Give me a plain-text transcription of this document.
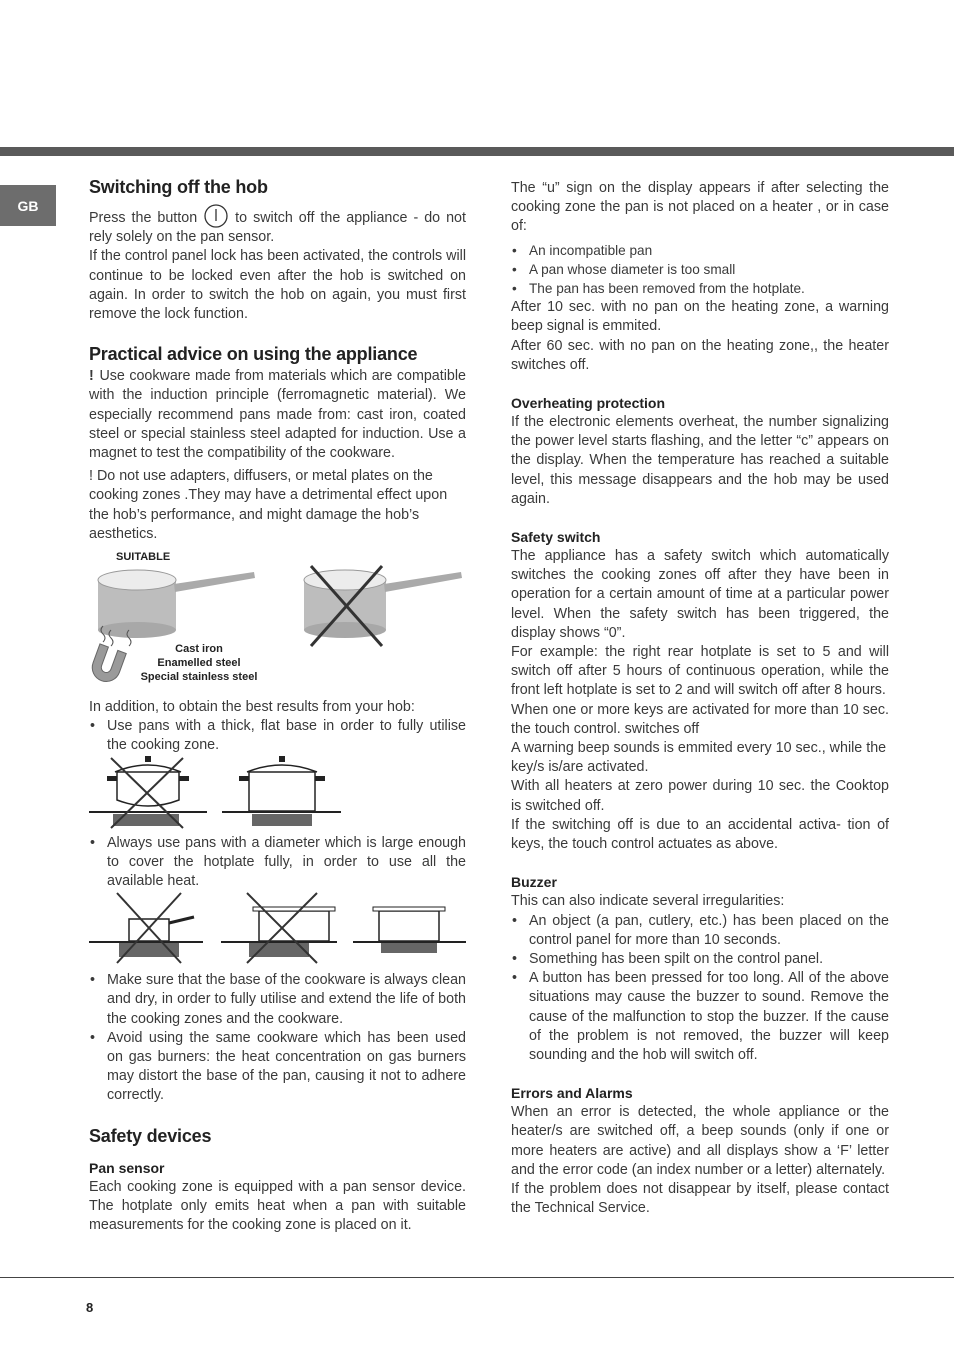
GB
Switching off the hob

Press the button	to switch off the appliance - do not rely solely on the pan sensor.

If the control panel lock has been activated, the controls will continue to be locked even after the hob is switched on again. In order to switch the hob on again, you must first remove the lock function.

Practical advice on using the appliance

! Use cookware made from materials which are compatible with the induction principle (ferromagnetic material). We especially recommend pans made from: cast iron, coated steel or special stainless steel adapted for induction. Use a magnet to test the compatibility of the cookware.

! Do not use adapters, diffusers, or metal plates on the cooking zones .They may have a detrimental effect upon the hob’s performance, and might damage the hob’s aesthetics.

SUITABLE
Cast iron
Enamelled steel
Special stainless steel

In addition, to obtain the best results from your hob:

• Use pans with a thick, flat base in order to fully utilise the cooking zone.
• Always use pans with a diameter which is large enough to cover the hotplate fully, in order to use all the available heat.
• Make sure that the base of the cookware is always clean and dry, in order to fully utilise and extend the life of both the cooking zones and the cookware.
• Avoid using the same cookware which has been used on gas burners: the heat concentration on gas burners may distort the base of the pan, causing it not to adhere correctly.
Safety devices
Pan sensor

Each cooking zone is equipped with a pan sensor device. The hotplate only emits heat when a pan with suitable measurements for the cooking zone is placed on it.

The “u” sign on the display appears if after selecting the cooking zone the pan is not placed on a heater , or in case of:

• An incompatible pan
• A pan whose diameter is too small
• The pan has been removed from the hotplate.

After 10 sec. with no pan on the heating zone, a warning beep signal is emmited.

After 60 sec. with no pan on the heating zone,, the heater switches off.

Overheating protection

If the electronic elements overheat, the number signalizing the power level starts flashing, and the letter “c” appears on the display. When the temperature has reached a suitable level, this message disappears and the hob may be used again.

Safety switch

The appliance has a safety switch which automatically switches the cooking zones off after they have been in operation for a certain amount of time at a particular power level. When the safety switch has been triggered, the display shows “0”.

For example: the right rear hotplate is set to 5 and will switch off after 5 hours of continuous operation, while the front left hotplate is set to 2 and will switch off after 8 hours.

When one or more keys are activated for more than 10 sec. the touch control. switches off

A warning beep sounds is emmited every 10 sec., while the key/s is/are activated.

With all heaters at zero power during 10 sec. the Cooktop is switched off.

If the switching off is due to an accidental activa- tion of keys, the touch control actuates as above.

Buzzer

This can also indicate several irregularities:

• An object (a pan, cutlery, etc.) has been placed on the control panel for more than 10 seconds.
• Something has been spilt on the control panel.
• A button has been pressed for too long. All of the above situations may cause the buzzer to sound. Remove the cause of the malfunction to stop the buzzer. If the cause of the problem is not removed, the buzzer will keep sounding and the hob will switch off.
Errors and Alarms

When an error is detected, the whole appliance or the heater/s are switched off, a beep sounds (only if one or more heaters are active) and all displays show a ‘F’ letter and the error code (an index number or a letter) alternately.

If the problem does not disappear by itself, please contact the Technical Service.

8
